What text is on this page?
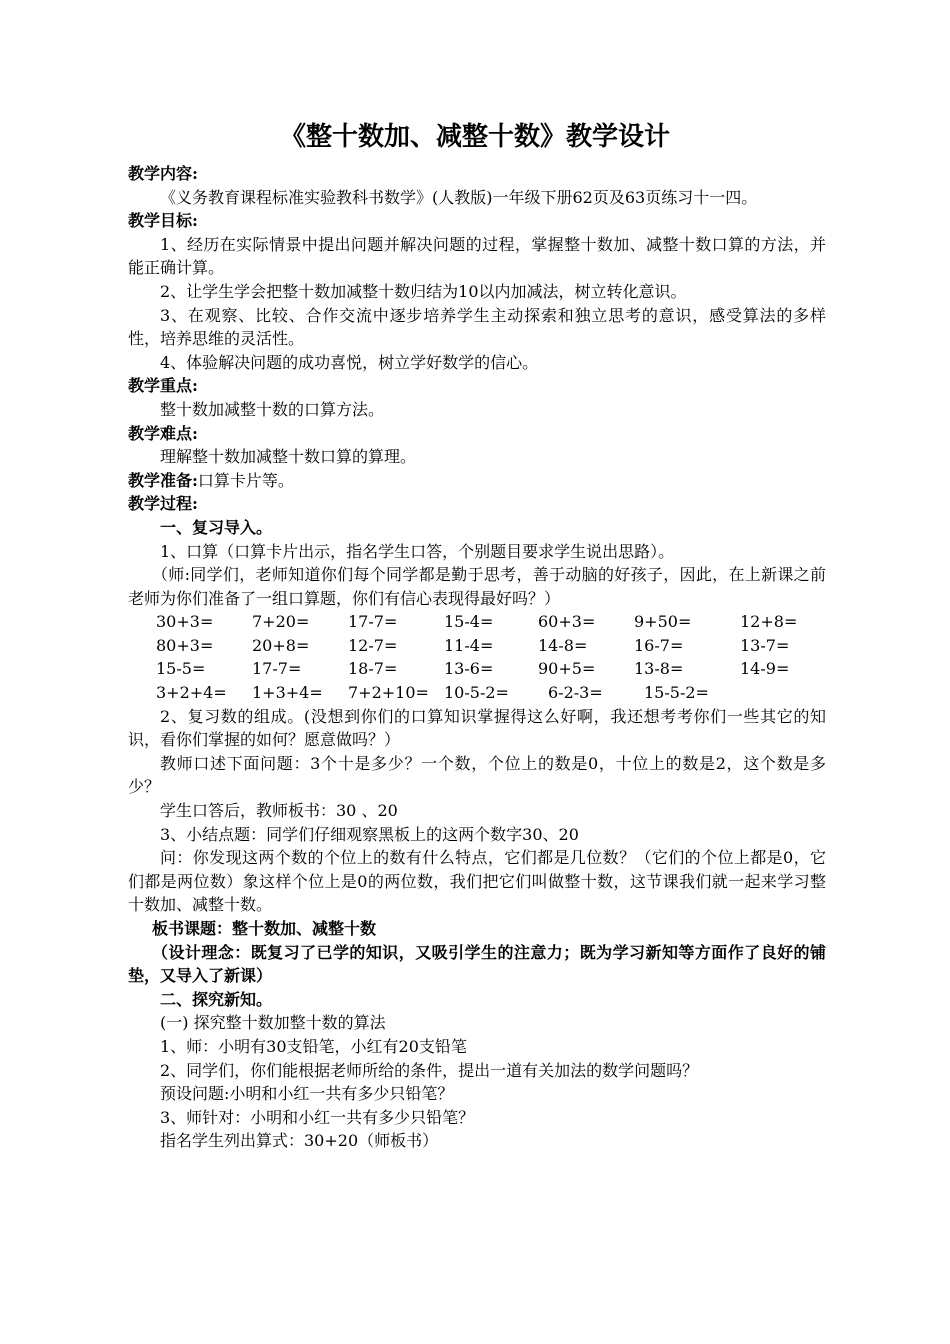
《整十数加、减整十数》教学设计

教学内容:

《义务教育课程标准实验教科书数学》(人教版)一年级下册62页及63页练习十一四。

教学目标:

1、经历在实际情景中提出问题并解决问题的过程，掌握整十数加、减整十数口算的方法，并能正确计算。

2、让学生学会把整十数加减整十数归结为10以内加减法，树立转化意识。

3、在观察、比较、合作交流中逐步培养学生主动探索和独立思考的意识，感受算法的多样性，培养思维的灵活性。

4、体验解决问题的成功喜悦，树立学好数学的信心。

教学重点:

整十数加减整十数的口算方法。

教学难点:

理解整十数加减整十数口算的算理。

教学准备:口算卡片等。

教学过程:

一、复习导入。

1、口算（口算卡片出示，指名学生口答，个别题目要求学生说出思路）。

（师:同学们，老师知道你们每个同学都是勤于思考，善于动脑的好孩子，因此，在上新课之前老师为你们准备了一组口算题，你们有信心表现得最好吗？）

30+3= 7+20= 17-7=	15-4=	60+3= 9+50=	12+8=
80+3= 20+8= 12-7=	11-4=	14-8=	16-7=	13-7=
15-5=	17-7=	18-7=	13-6=	90+5= 13-8=	14-9=
3+2+4= 1+3+4= 7+2+10= 10-5-2= 6-2-3=	15-5-2=

2、复习数的组成。(没想到你们的口算知识掌握得这么好啊，我还想考考你们一些其它的知识，看你们掌握的如何？愿意做吗？）

教师口述下面问题：3个十是多少？一个数，个位上的数是0，十位上的数是2，这个数是多少？

学生口答后，教师板书：30 、20

3、小结点题：同学们仔细观察黑板上的这两个数字30、20

问：你发现这两个数的个位上的数有什么特点，它们都是几位数？（它们的个位上都是0，它们都是两位数）象这样个位上是0的两位数，我们把它们叫做整十数，这节课我们就一起来学习整十数加、减整十数。

板书课题：整十数加、减整十数

（设计理念：既复习了已学的知识，又吸引学生的注意力；既为学习新知等方面作了良好的铺垫，又导入了新课）

二、探究新知。

(一) 探究整十数加整十数的算法

1、师：小明有30支铅笔，小红有20支铅笔

2、同学们，你们能根据老师所给的条件，提出一道有关加法的数学问题吗？

预设问题:小明和小红一共有多少只铅笔？

3、师针对：小明和小红一共有多少只铅笔？

指名学生列出算式：30+20（师板书）
